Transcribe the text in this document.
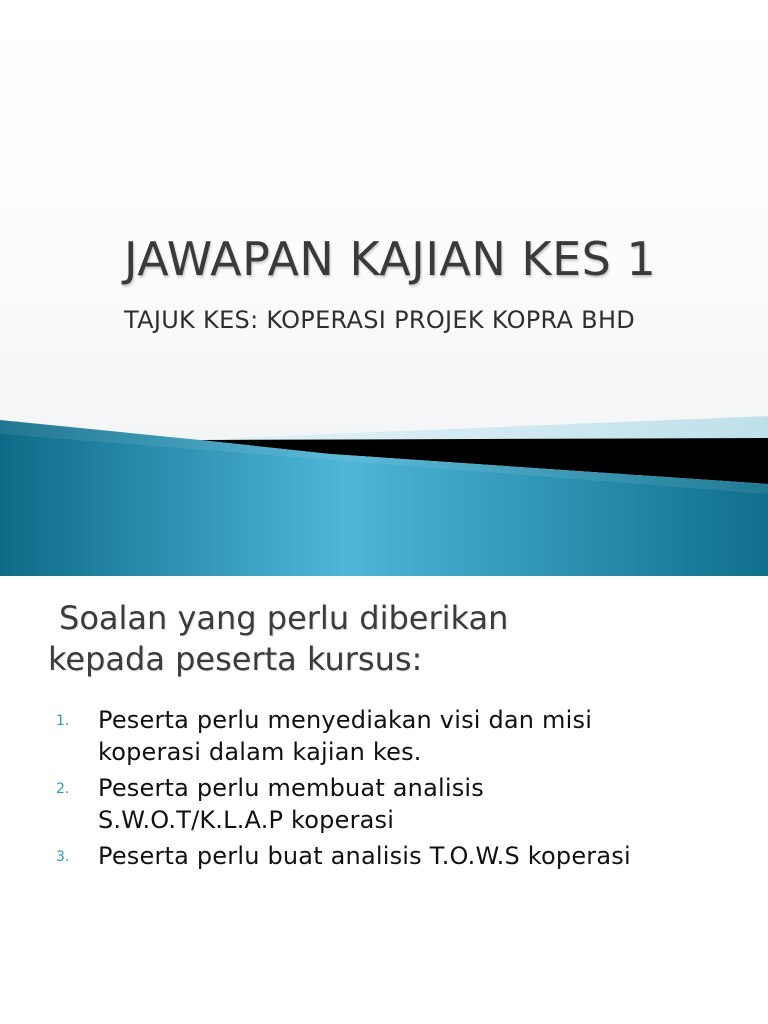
JAWAPAN KAJIAN KES 1
TAJUK KES: KOPERASI PROJEK KOPRA BHD
Soalan yang perlu diberikan
kepada peserta kursus:
1. Peserta perlu menyediakan visi dan misi
koperasi dalam kajian kes.
2. Peserta perlu membuat analisis
S.W.O.T/K.L.A.P koperasi
3. Peserta perlu buat analisis T.O.W.S koperasi
